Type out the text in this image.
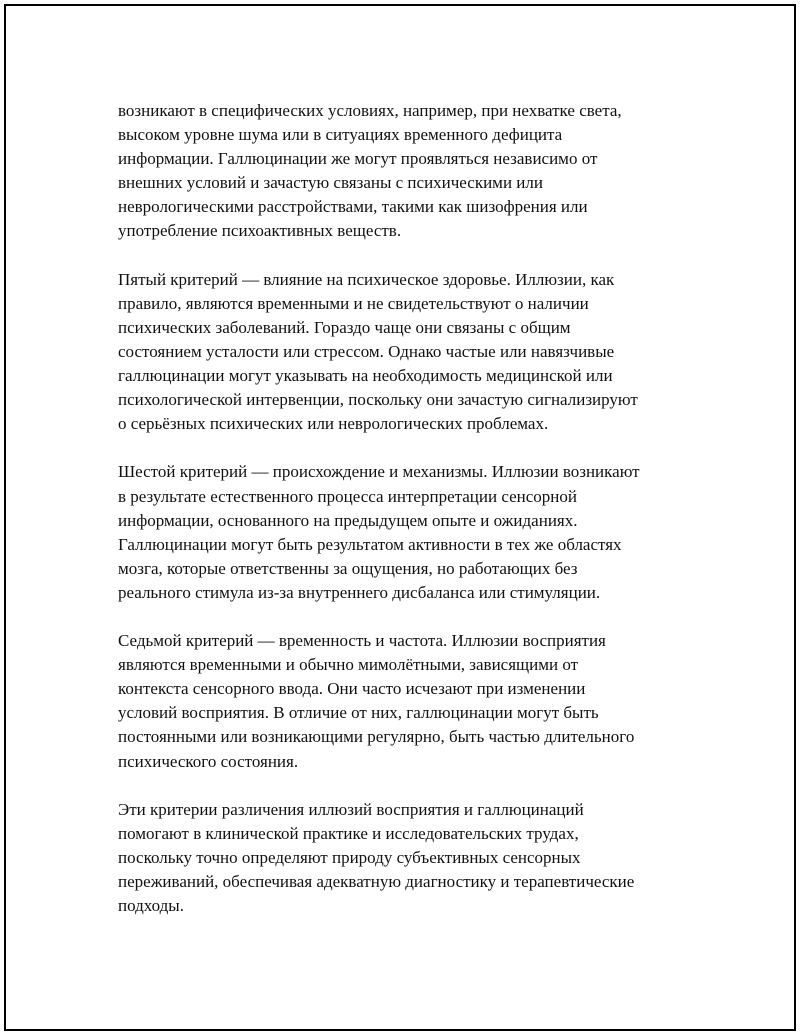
возникают в специфических условиях, например, при нехватке света,
высоком уровне шума или в ситуациях временного дефицита
информации. Галлюцинации же могут проявляться независимо от
внешних условий и зачастую связаны с психическими или
неврологическими расстройствами, такими как шизофрения или
употребление психоактивных веществ.

Пятый критерий — влияние на психическое здоровье. Иллюзии, как
правило, являются временными и не свидетельствуют о наличии
психических заболеваний. Гораздо чаще они связаны с общим
состоянием усталости или стрессом. Однако частые или навязчивые
галлюцинации могут указывать на необходимость медицинской или
психологической интервенции, поскольку они зачастую сигнализируют
о серьёзных психических или неврологических проблемах.

Шестой критерий — происхождение и механизмы. Иллюзии возникают
в результате естественного процесса интерпретации сенсорной
информации, основанного на предыдущем опыте и ожиданиях.
Галлюцинации могут быть результатом активности в тех же областях
мозга, которые ответственны за ощущения, но работающих без
реального стимула из-за внутреннего дисбаланса или стимуляции.

Седьмой критерий — временность и частота. Иллюзии восприятия
являются временными и обычно мимолётными, зависящими от
контекста сенсорного ввода. Они часто исчезают при изменении
условий восприятия. В отличие от них, галлюцинации могут быть
постоянными или возникающими регулярно, быть частью длительного
психического состояния.

Эти критерии различения иллюзий восприятия и галлюцинаций
помогают в клинической практике и исследовательских трудах,
поскольку точно определяют природу субъективных сенсорных
переживаний, обеспечивая адекватную диагностику и терапевтические
подходы.
